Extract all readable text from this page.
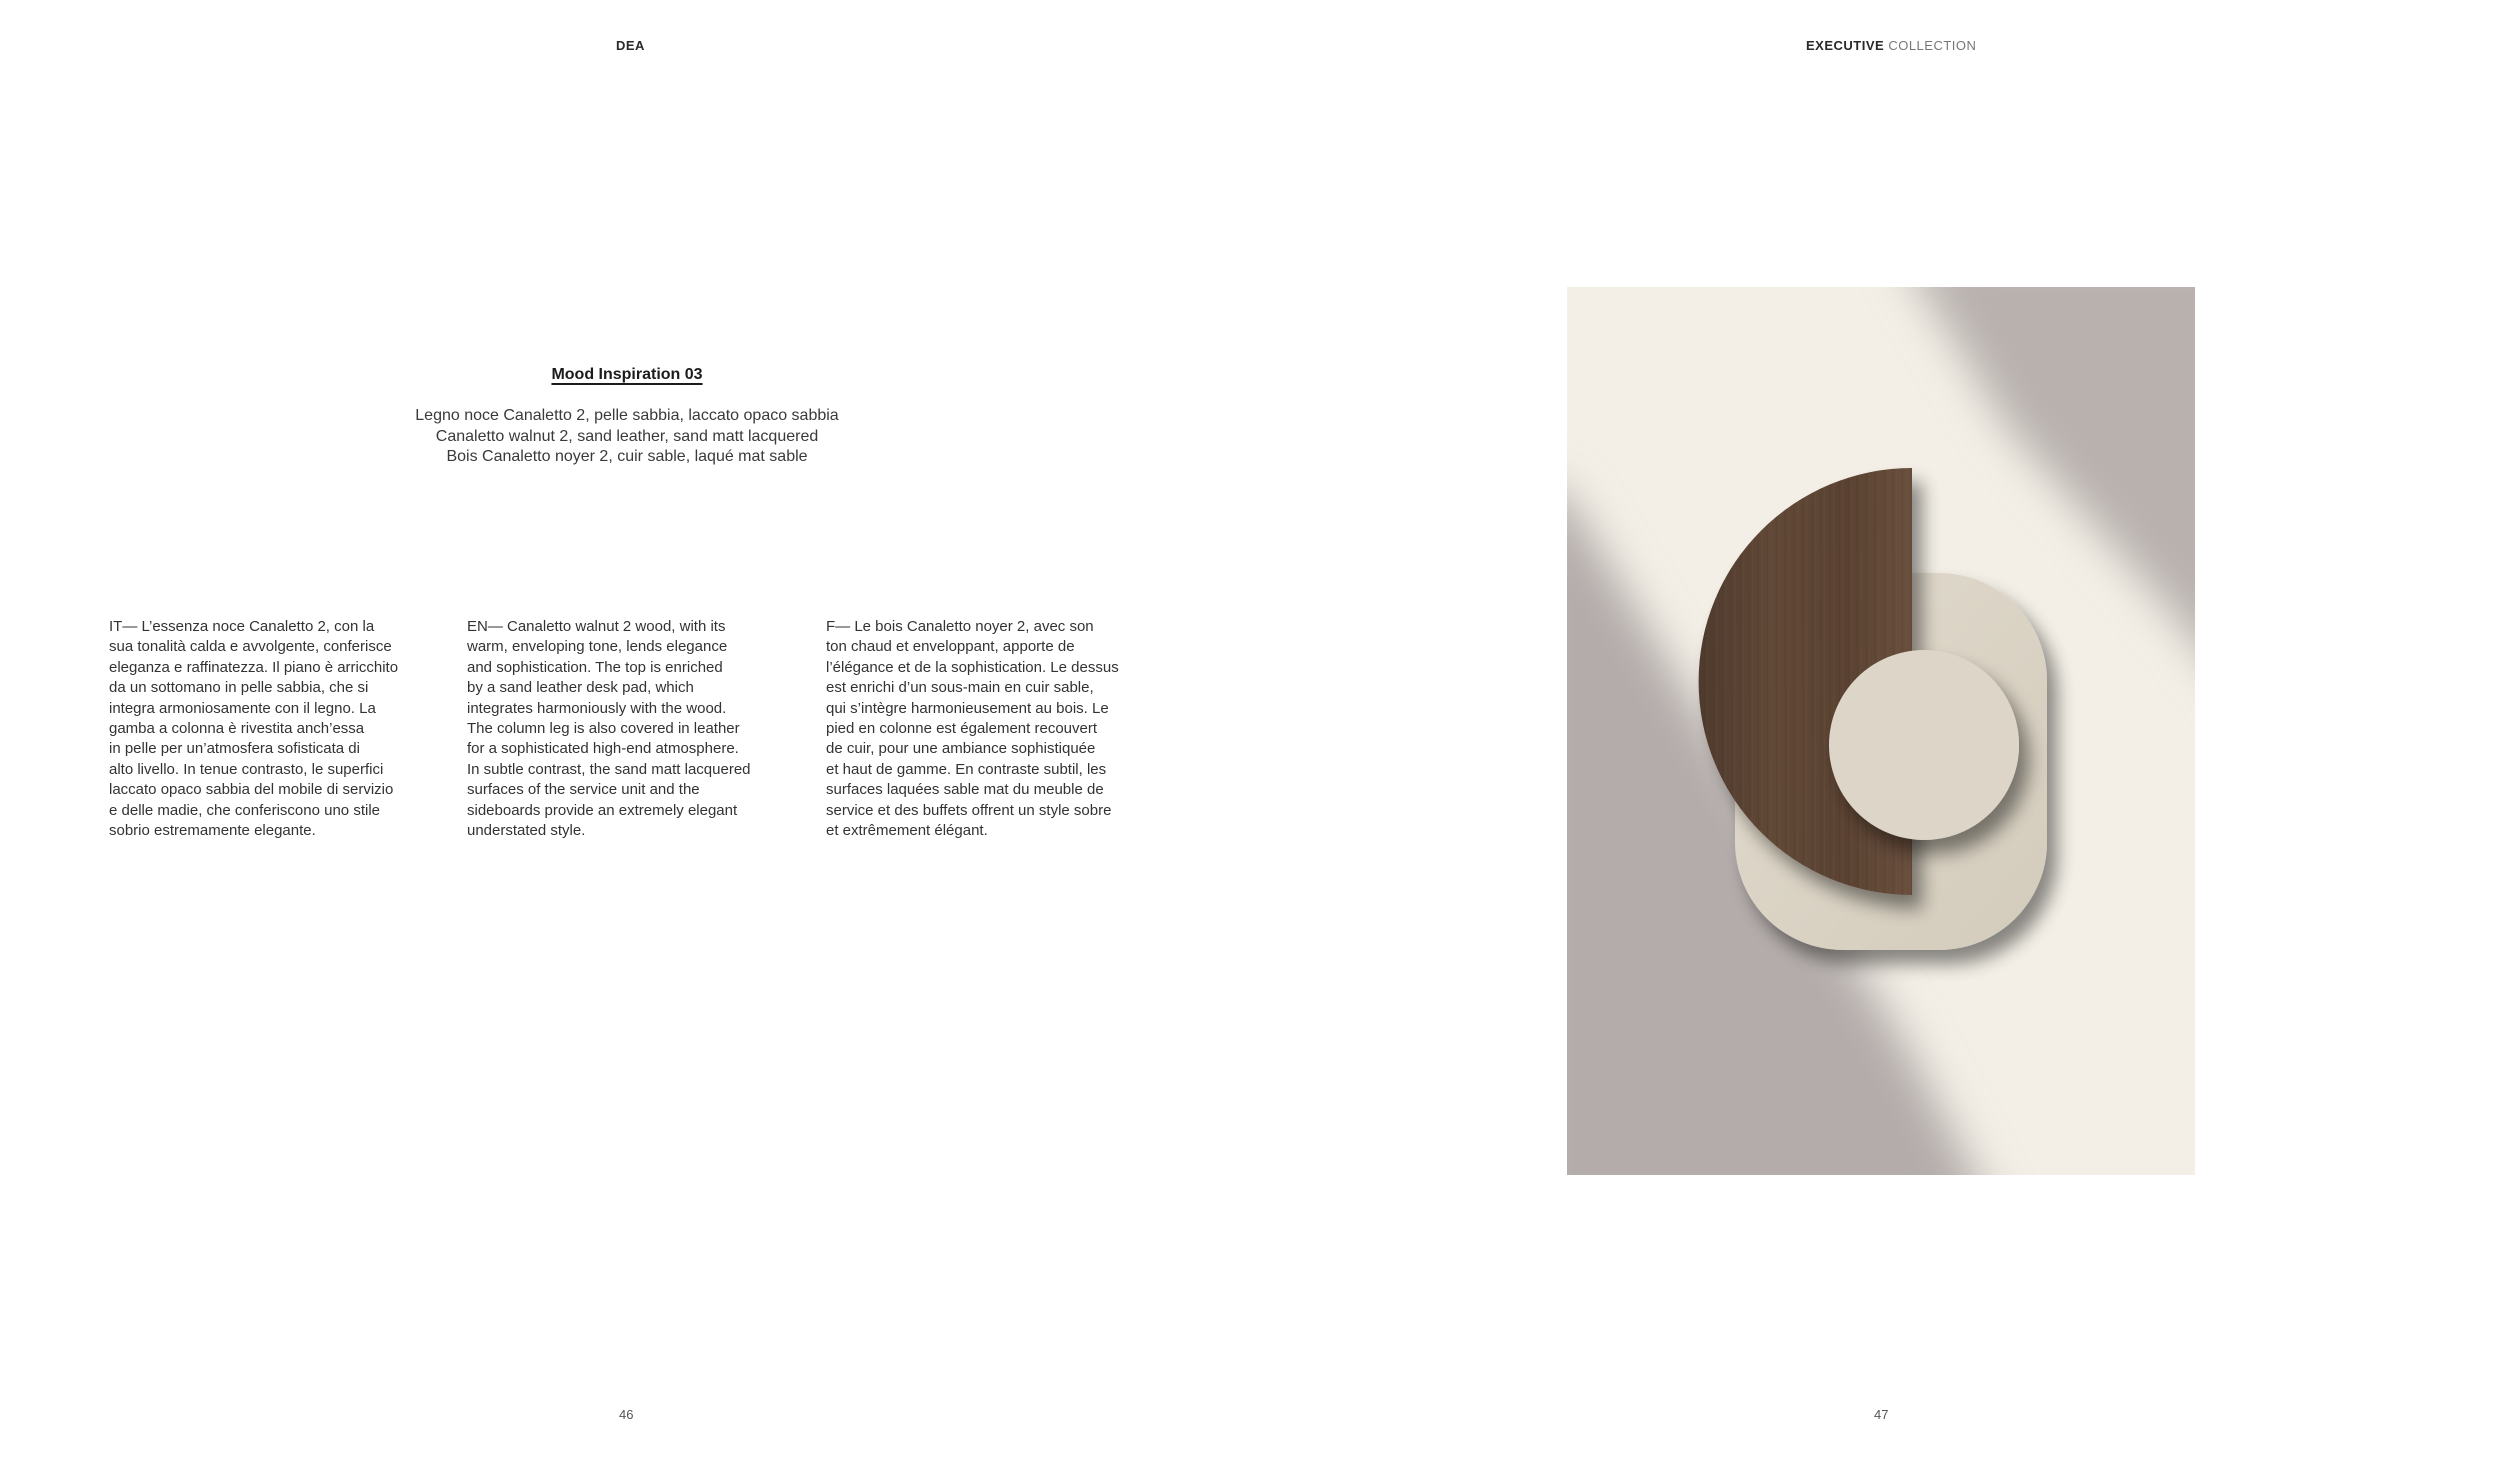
DEA
Mood Inspiration 03
Legno noce Canaletto 2, pelle sabbia, laccato opaco sabbia
Canaletto walnut 2, sand leather, sand matt lacquered
Bois Canaletto noyer 2, cuir sable, laqué mat sable
IT— L’essenza noce Canaletto 2, con la
sua tonalità calda e avvolgente, conferisce
eleganza e raffinatezza. Il piano è arricchito
da un sottomano in pelle sabbia, che si
integra armoniosamente con il legno. La
gamba a colonna è rivestita anch’essa
in pelle per un’atmosfera sofisticata di
alto livello. In tenue contrasto, le superfici
laccato opaco sabbia del mobile di servizio
e delle madie, che conferiscono uno stile
sobrio estremamente elegante.
EN— Canaletto walnut 2 wood, with its
warm, enveloping tone, lends elegance
and sophistication. The top is enriched
by a sand leather desk pad, which
integrates harmoniously with the wood.
The column leg is also covered in leather
for a sophisticated high-end atmosphere.
In subtle contrast, the sand matt lacquered
surfaces of the service unit and the
sideboards provide an extremely elegant
understated style.
F— Le bois Canaletto noyer 2, avec son
ton chaud et enveloppant, apporte de
l’élégance et de la sophistication. Le dessus
est enrichi d’un sous-main en cuir sable,
qui s’intègre harmonieusement au bois. Le
pied en colonne est également recouvert
de cuir, pour une ambiance sophistiquée
et haut de gamme. En contraste subtil, les
surfaces laquées sable mat du meuble de
service et des buffets offrent un style sobre
et extrêmement élégant.
46
EXECUTIVE COLLECTION
47
